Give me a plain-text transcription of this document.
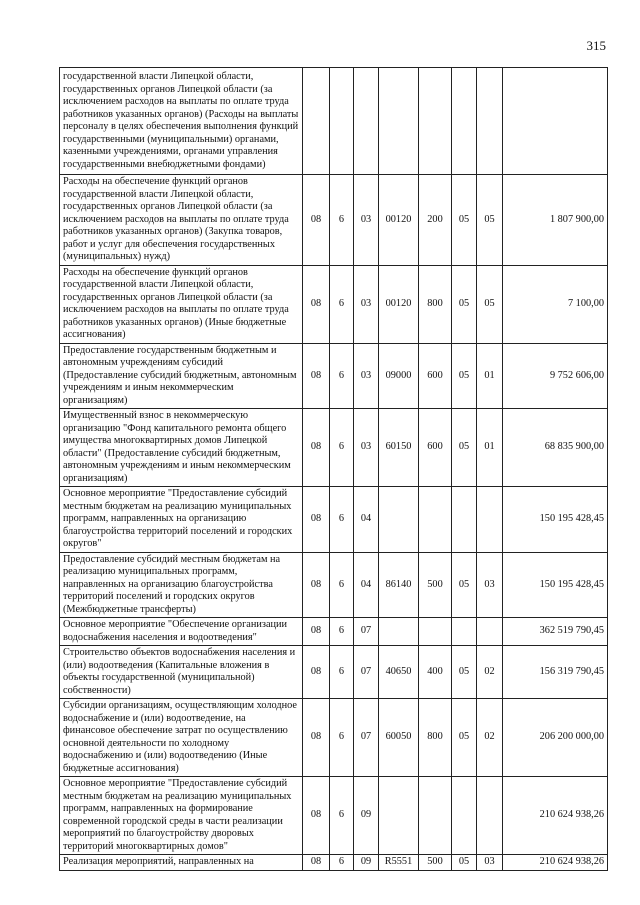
315
государственной власти Липецкой области, государственных органов Липецкой области (за исключением расходов на выплаты по оплате труда работников указанных органов) (Расходы на выплаты персоналу в целях обеспечения выполнения функций государственными (муниципальными) органами, казенными учреждениями, органами управления государственными внебюджетными фондами)								
Расходы на обеспечение функций органов государственной власти Липецкой области, государственных органов Липецкой области (за исключением расходов на выплаты по оплате труда работников указанных органов) (Закупка товаров, работ и услуг для обеспечения государственных (муниципальных) нужд)	08	6	03	00120	200	05	05	1 807 900,00
Расходы на обеспечение функций органов государственной власти Липецкой области, государственных органов Липецкой области (за исключением расходов на выплаты по оплате труда работников указанных органов) (Иные бюджетные ассигнования)	08	6	03	00120	800	05	05	7 100,00
Предоставление государственным бюджетным и автономным учреждениям субсидий (Предоставление субсидий бюджетным, автономным учреждениям и иным некоммерческим организациям)	08	6	03	09000	600	05	01	9 752 606,00
Имущественный взнос в некоммерческую организацию "Фонд капитального ремонта общего имущества многоквартирных домов Липецкой области" (Предоставление субсидий бюджетным, автономным учреждениям и иным некоммерческим организациям)	08	6	03	60150	600	05	01	68 835 900,00
Основное мероприятие "Предоставление субсидий местным бюджетам на реализацию муниципальных программ, направленных на организацию благоустройства территорий поселений и городских округов"	08	6	04					150 195 428,45
Предоставление субсидий местным бюджетам на реализацию муниципальных программ, направленных на организацию благоустройства территорий поселений и городских округов (Межбюджетные трансферты)	08	6	04	86140	500	05	03	150 195 428,45
Основное мероприятие "Обеспечение организации водоснабжения населения и водоотведения"	08	6	07					362 519 790,45
Строительство объектов водоснабжения населения и (или) водоотведения (Капитальные вложения в объекты государственной (муниципальной) собственности)	08	6	07	40650	400	05	02	156 319 790,45
Субсидии организациям, осуществляющим холодное водоснабжение и (или) водоотведение, на финансовое обеспечение затрат по осуществлению основной деятельности по холодному водоснабжению и (или) водоотведению (Иные бюджетные ассигнования)	08	6	07	60050	800	05	02	206 200 000,00
Основное мероприятие "Предоставление субсидий местным бюджетам на реализацию муниципальных программ, направленных на формирование современной городской среды в части реализации мероприятий по благоустройству дворовых территорий многоквартирных домов"	08	6	09					210 624 938,26
Реализация мероприятий, направленных на	08	6	09	R5551	500	05	03	210 624 938,26
